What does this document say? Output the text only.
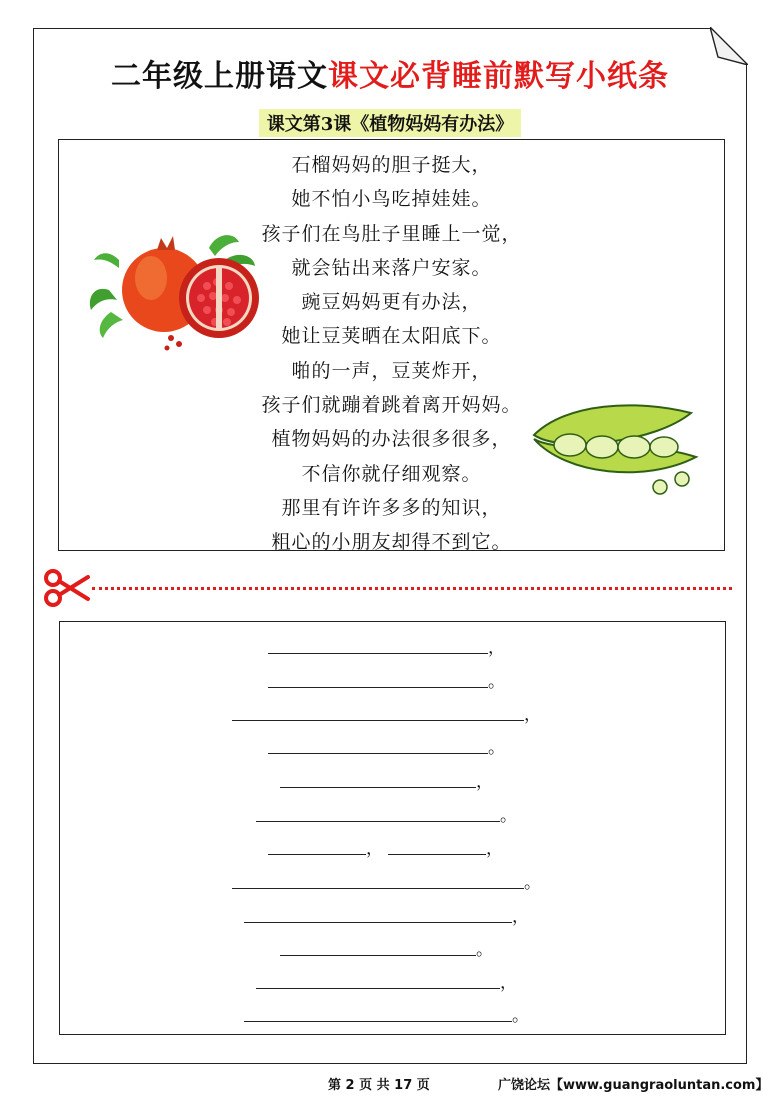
二年级上册语文课文必背睡前默写小纸条
课文第3课《植物妈妈有办法》
石榴妈妈的胆子挺大，
她不怕小鸟吃掉娃娃。
孩子们在鸟肚子里睡上一觉，
就会钻出来落户安家。
豌豆妈妈更有办法，
她让豆荚晒在太阳底下。
啪的一声，豆荚炸开，
孩子们就蹦着跳着离开妈妈。
植物妈妈的办法很多很多，
不信你就仔细观察。
那里有许许多多的知识，
粗心的小朋友却得不到它。
，
。
，
。
，
。
，	，
。
，
。
，
。
第 2 页 共 17 页	广饶论坛【www.guangraoluntan.com】
